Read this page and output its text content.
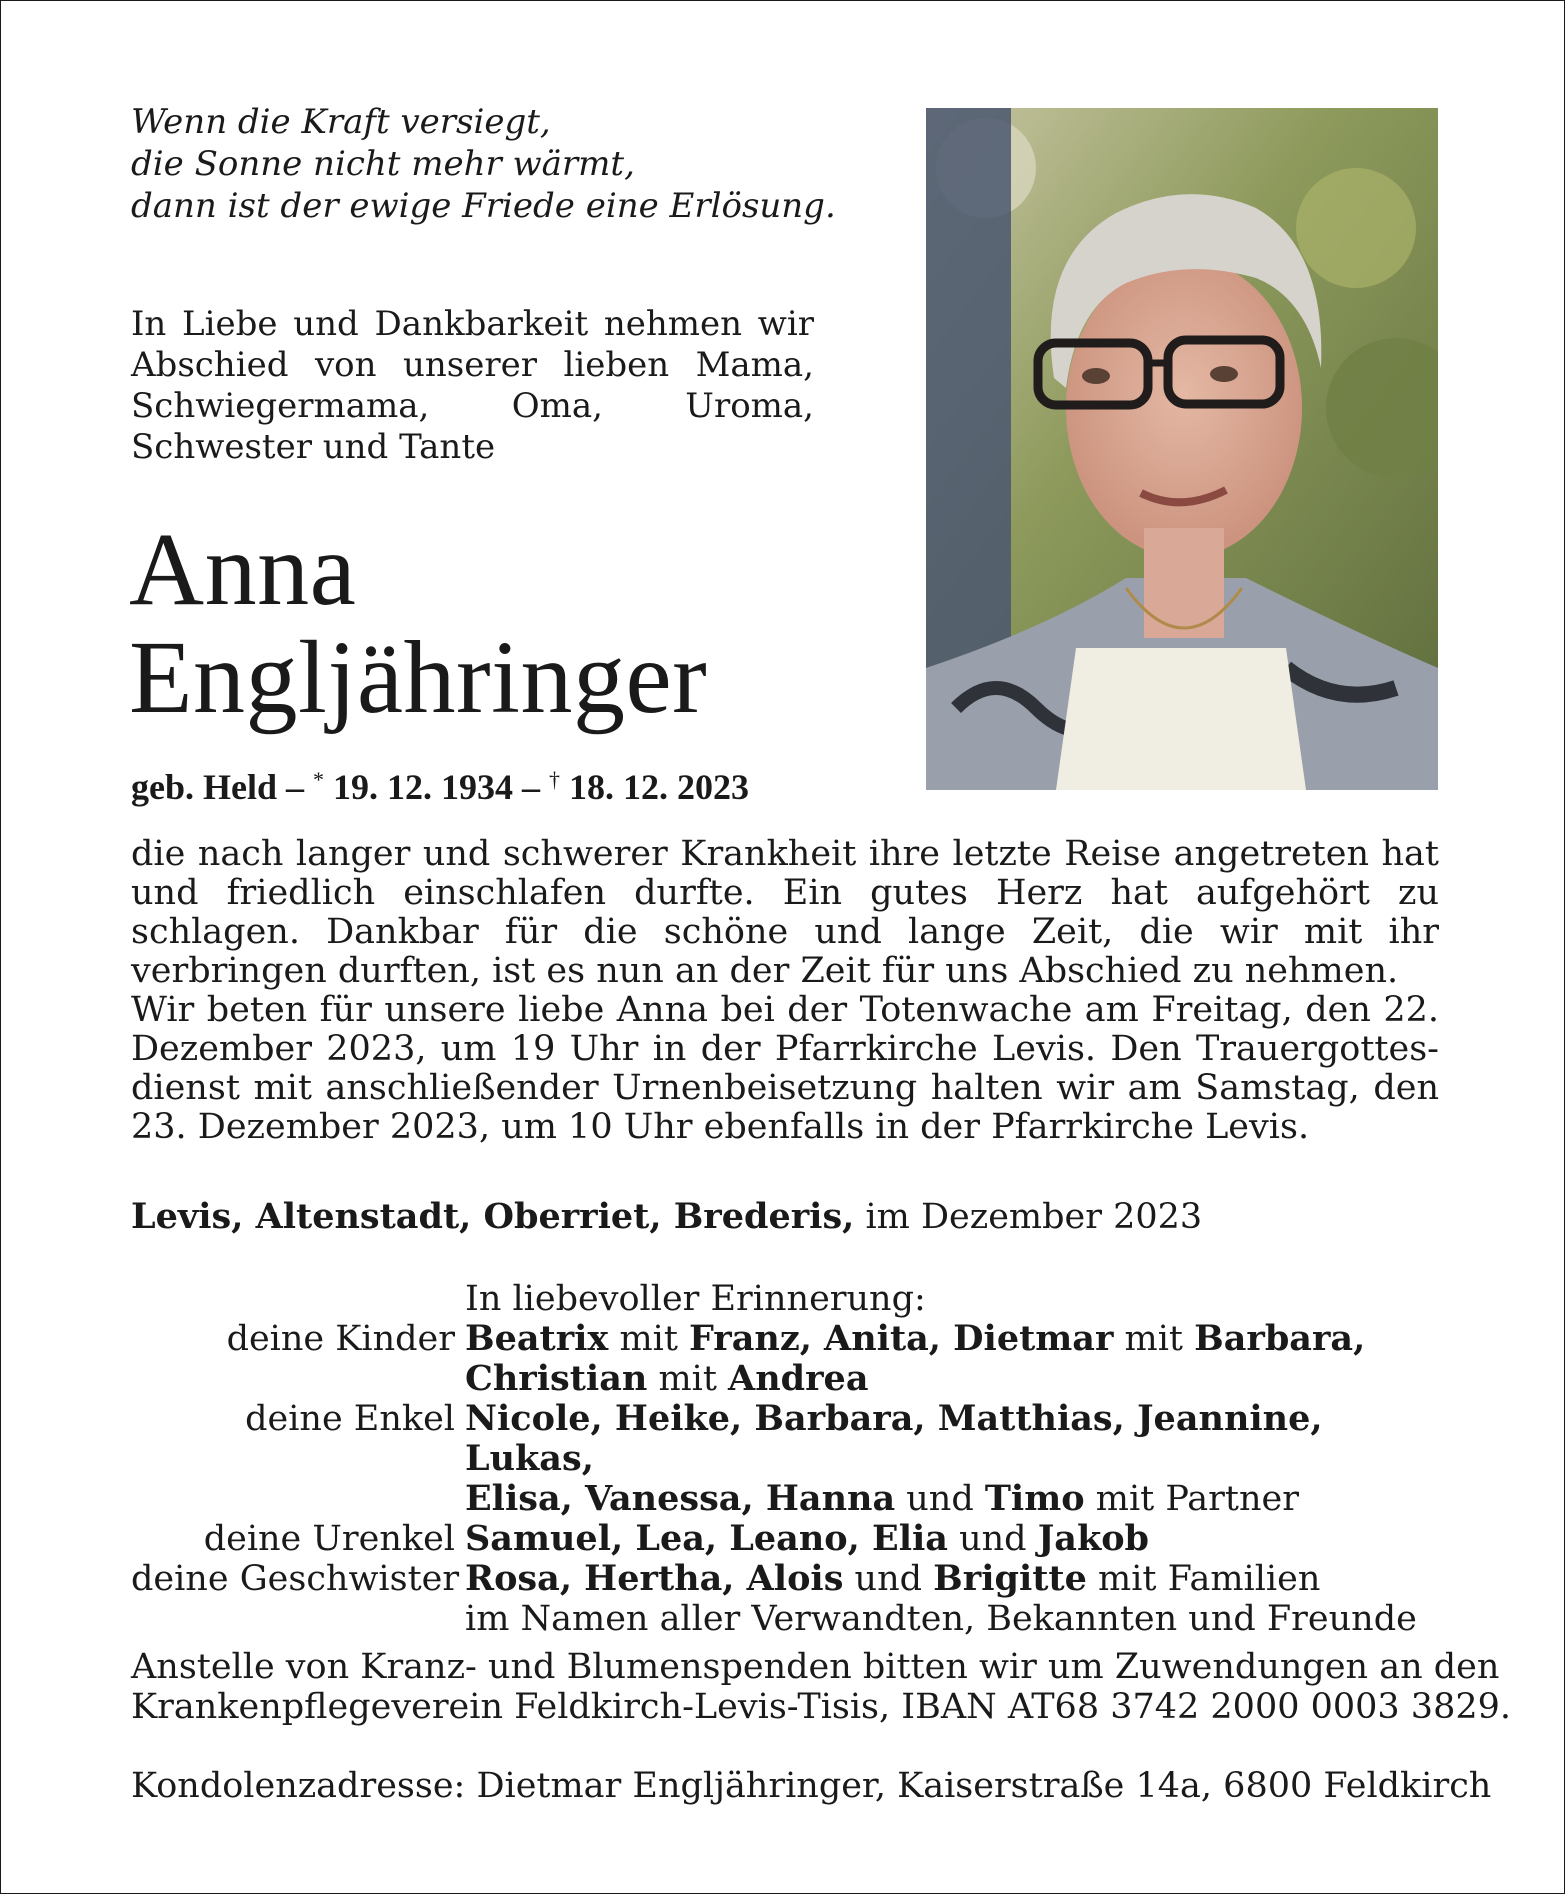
Wenn die Kraft versiegt,
die Sonne nicht mehr wärmt,
dann ist der ewige Friede eine Erlösung.
In Liebe und Dankbarkeit nehmen wir Abschied von unserer lieben Mama, Schwiegermama, Oma, Uroma, Schwester und Tante
Anna
Engljähringer
geb. Held – * 19. 12. 1934 – † 18. 12. 2023

die nach langer und schwerer Krankheit ihre letzte Reise angetreten hat und friedlich einschlafen durfte. Ein gutes Herz hat aufgehört zu schlagen. Dankbar für die schöne und lange Zeit, die wir mit ihr verbringen durften, ist es nun an der Zeit für uns Abschied zu nehmen.

Wir beten für unsere liebe Anna bei der Totenwache am Freitag, den 22. Dezember 2023, um 19 Uhr in der Pfarrkirche Levis. Den Trauergottesdienst mit anschließender Urnenbeisetzung halten wir am Samstag, den 23. Dezember 2023, um 10 Uhr ebenfalls in der Pfarrkirche Levis.

Levis, Altenstadt, Oberriet, Brederis, im Dezember 2023
In liebevoller Erinnerung:
deine Kinder Beatrix mit Franz, Anita, Dietmar mit Barbara,
Christian mit Andrea
deine Enkel Nicole, Heike, Barbara, Matthias, Jeannine, Lukas,
Elisa, Vanessa, Hanna und Timo mit Partner
deine Urenkel Samuel, Lea, Leano, Elia und Jakob
deine Geschwister Rosa, Hertha, Alois und Brigitte mit Familien
im Namen aller Verwandten, Bekannten und Freunde
Anstelle von Kranz- und Blumenspenden bitten wir um Zuwendungen an den
Krankenpflegeverein Feldkirch-Levis-Tisis, IBAN AT68 3742 2000 0003 3829.
Kondolenzadresse: Dietmar Engljähringer, Kaiserstraße 14a, 6800 Feldkirch
